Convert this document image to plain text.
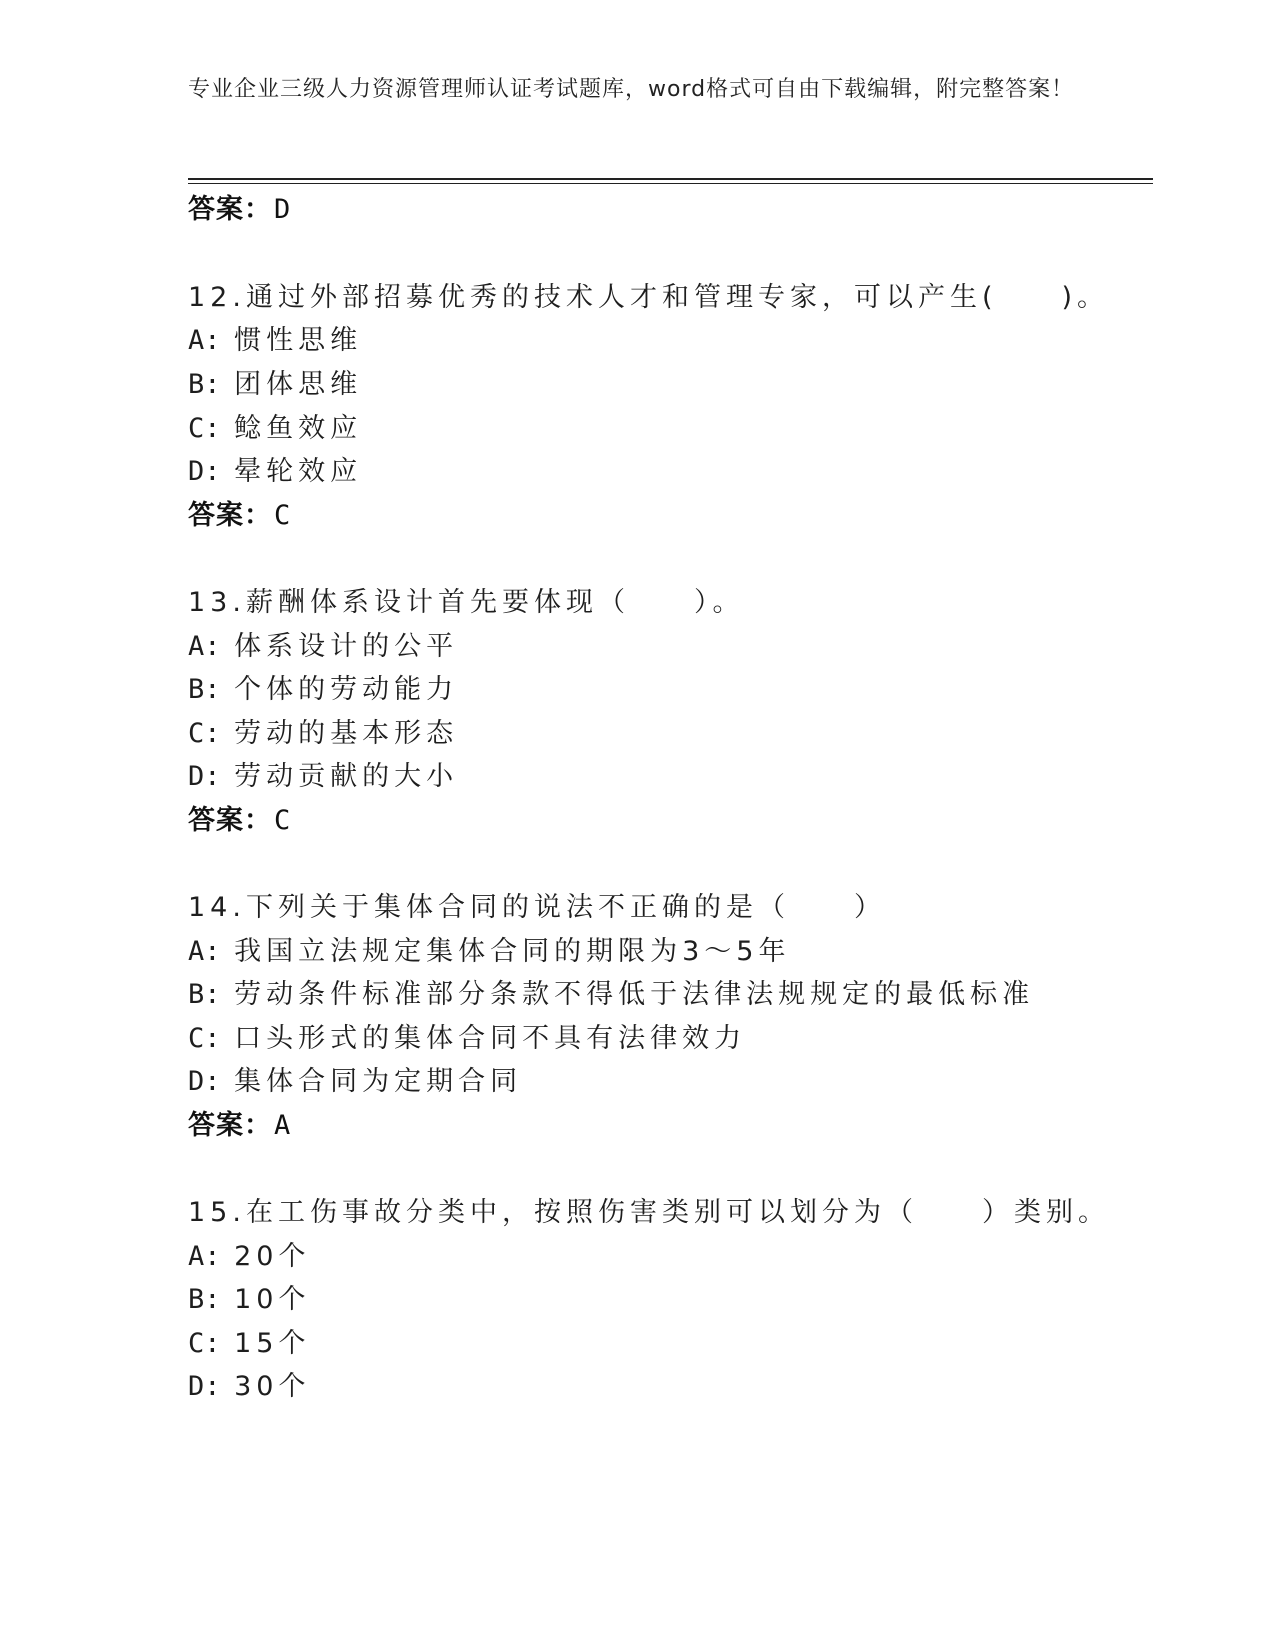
专业企业三级人力资源管理师认证考试题库，word格式可自由下载编辑，附完整答案！
答案：D
12.通过外部招募优秀的技术人才和管理专家，可以产生(　　)。
A: 惯性思维
B: 团体思维
C: 鲶鱼效应
D: 晕轮效应
答案：C
13.薪酬体系设计首先要体现（　　）。
A: 体系设计的公平
B: 个体的劳动能力
C: 劳动的基本形态
D: 劳动贡献的大小
答案：C
14.下列关于集体合同的说法不正确的是（　　）
A: 我国立法规定集体合同的期限为3～5年
B: 劳动条件标准部分条款不得低于法律法规规定的最低标准
C: 口头形式的集体合同不具有法律效力
D: 集体合同为定期合同
答案：A
15.在工伤事故分类中，按照伤害类别可以划分为（　　）类别。
A: 20个
B: 10个
C: 15个
D: 30个
